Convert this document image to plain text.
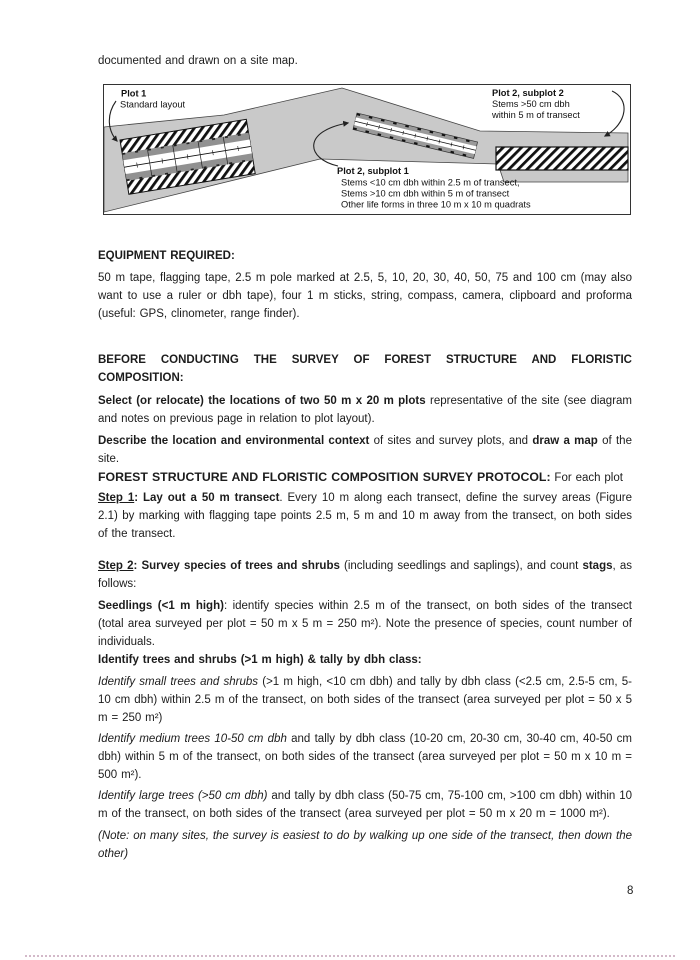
documented and drawn on a site map.

Plot 1
Standard layout
Plot 2, subplot 2
Stems >50 cm dbh
within 5 m of transect
Plot 2, subplot 1
Stems <10 cm dbh within 2.5 m of transect,
Stems >10 cm dbh within 5 m of transect
Other life forms in three 10 m x 10 m quadrats

EQUIPMENT REQUIRED:

50 m tape, flagging tape, 2.5 m pole marked at 2.5, 5, 10, 20, 30, 40, 50, 75 and 100 cm (may also want to use a ruler or dbh tape), four 1 m sticks, string, compass, camera, clipboard and proforma (useful: GPS, clinometer, range finder).

BEFORE CONDUCTING THE SURVEY OF FOREST STRUCTURE AND FLORISTIC COMPOSITION:

Select (or relocate) the locations of two 50 m x 20 m plots representative of the site (see diagram and notes on previous page in relation to plot layout).

Describe the location and environmental context of sites and survey plots, and draw a map of the site.

FOREST STRUCTURE AND FLORISTIC COMPOSITION SURVEY PROTOCOL: For each plot

Step 1: Lay out a 50 m transect. Every 10 m along each transect, define the survey areas (Figure 2.1) by marking with flagging tape points 2.5 m, 5 m and 10 m away from the transect, on both sides of the transect.

Step 2: Survey species of trees and shrubs (including seedlings and saplings), and count stags, as follows:

Seedlings (<1 m high): identify species within 2.5 m of the transect, on both sides of the transect (total area surveyed per plot = 50 m x 5 m = 250 m²). Note the presence of species, count number of individuals.

Identify trees and shrubs (>1 m high) & tally by dbh class:

Identify small trees and shrubs (>1 m high, <10 cm dbh) and tally by dbh class (<2.5 cm, 2.5-5 cm, 5-10 cm dbh) within 2.5 m of the transect, on both sides of the transect (area surveyed per plot = 50 x 5 m = 250 m²)

Identify medium trees 10-50 cm dbh and tally by dbh class (10-20 cm, 20-30 cm, 30-40 cm, 40-50 cm dbh) within 5 m of the transect, on both sides of the transect (area surveyed per plot = 50 m x 10 m = 500 m²).

Identify large trees (>50 cm dbh) and tally by dbh class (50-75 cm, 75-100 cm, >100 cm dbh) within 10 m of the transect, on both sides of the transect (area surveyed per plot = 50 m x 20 m = 1000 m²).

(Note: on many sites, the survey is easiest to do by walking up one side of the transect, then down the other)

8
